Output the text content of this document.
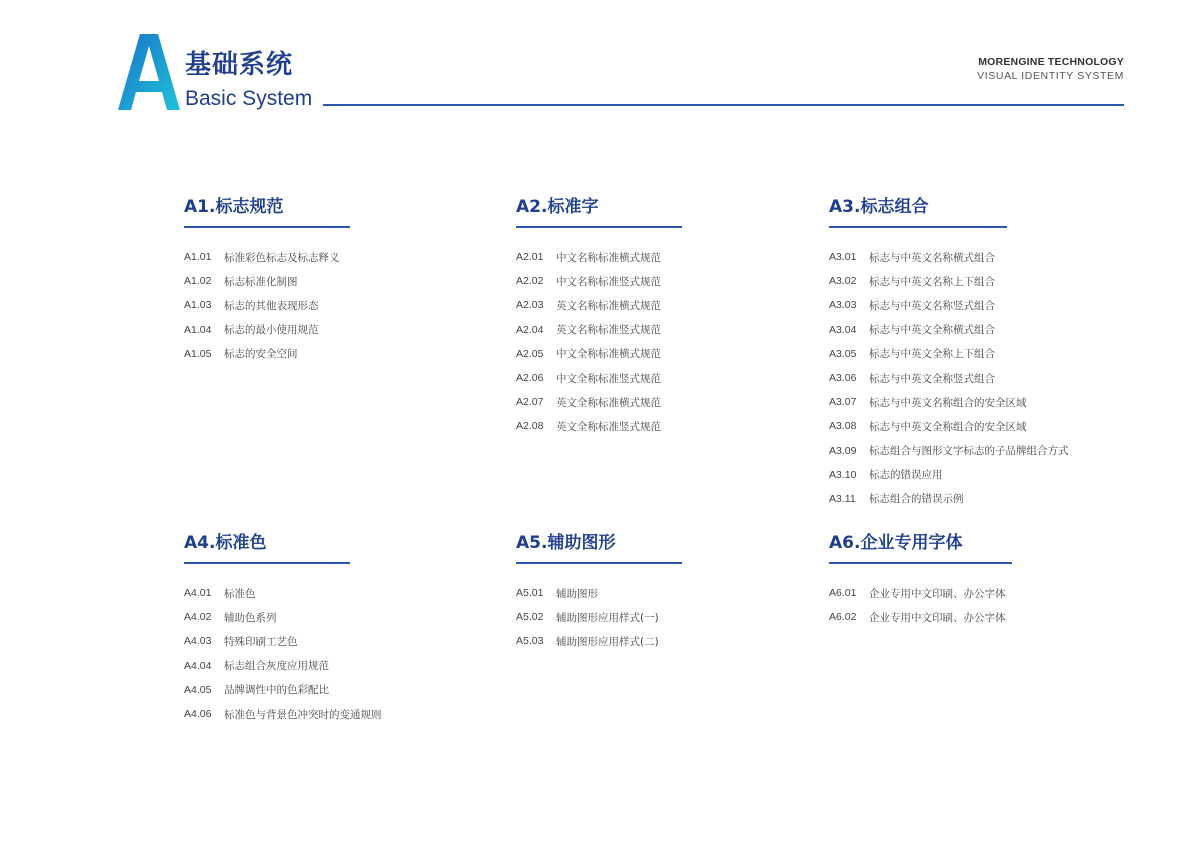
基础系统
Basic System
MORENGINE TECHNOLOGY
VISUAL IDENTITY SYSTEM
A1.标志规范
A1.01	标准彩色标志及标志释义
A1.02	标志标准化制图
A1.03	标志的其他表现形态
A1.04	标志的最小使用规范
A1.05	标志的安全空间
A2.标准字
A2.01	中文名称标准横式规范
A2.02	中文名称标准竖式规范
A2.03	英文名称标准横式规范
A2.04	英文名称标准竖式规范
A2.05	中文全称标准横式规范
A2.06	中文全称标准竖式规范
A2.07	英文全称标准横式规范
A2.08	英文全称标准竖式规范
A3.标志组合
A3.01	标志与中英文名称横式组合
A3.02	标志与中英文名称上下组合
A3.03	标志与中英文名称竖式组合
A3.04	标志与中英文全称横式组合
A3.05	标志与中英文全称上下组合
A3.06	标志与中英文全称竖式组合
A3.07	标志与中英文名称组合的安全区域
A3.08	标志与中英文全称组合的安全区域
A3.09	标志组合与图形文字标志的子品牌组合方式
A3.10	标志的错误应用
A3.11	标志组合的错误示例
A4.标准色
A4.01	标准色
A4.02	辅助色系列
A4.03	特殊印刷工艺色
A4.04	标志组合灰度应用规范
A4.05	品牌调性中的色彩配比
A4.06	标准色与背景色冲突时的变通规则
A5.辅助图形
A5.01	辅助图形
A5.02	辅助图形应用样式(一)
A5.03	辅助图形应用样式(二)
A6.企业专用字体
A6.01	企业专用中文印刷、办公字体
A6.02	企业专用中文印刷、办公字体
